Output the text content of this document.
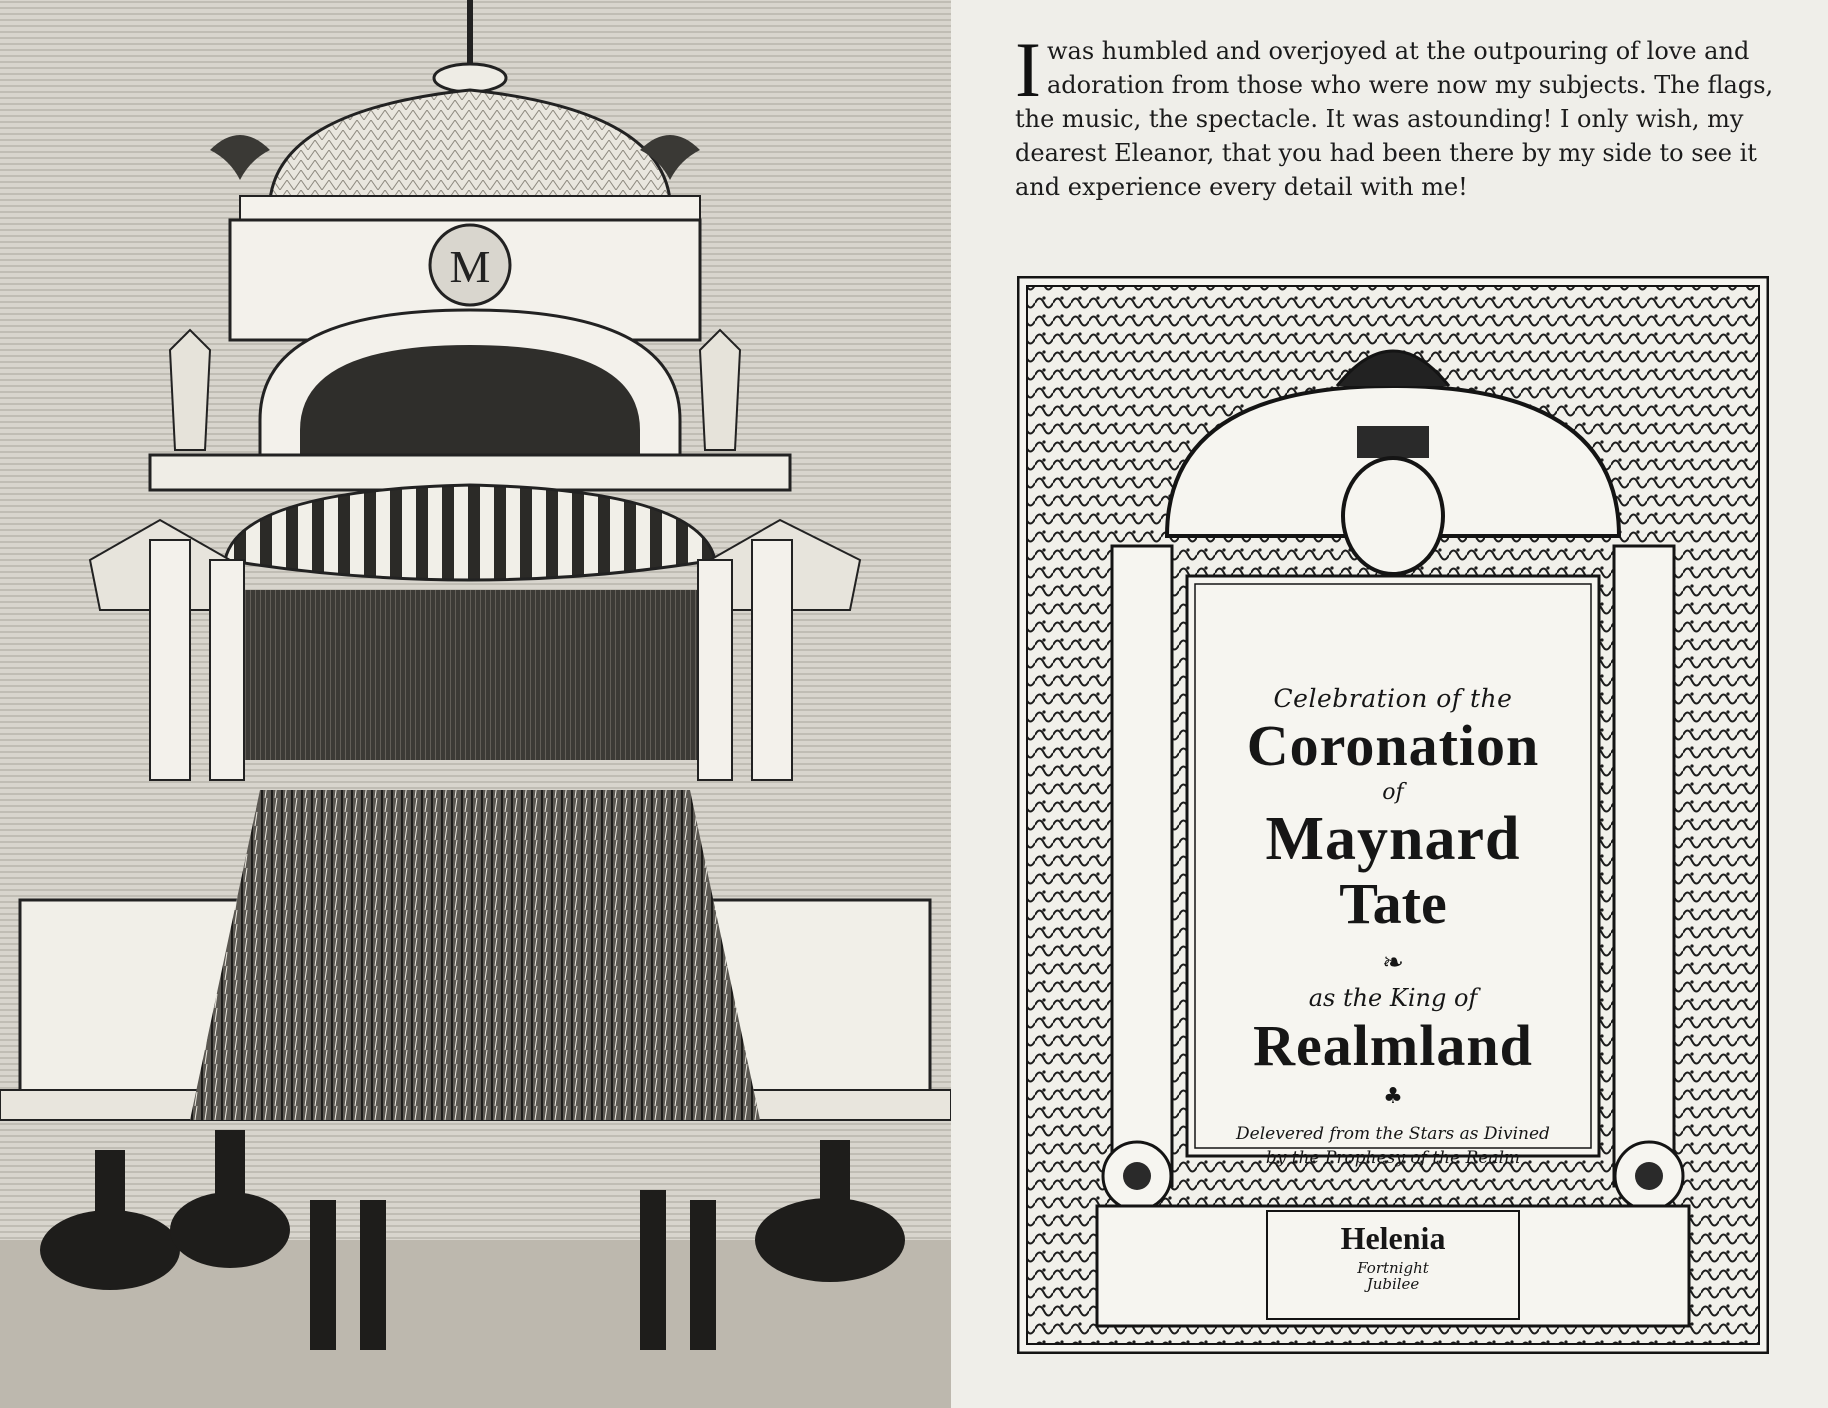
M
I was humbled and overjoyed at the outpouring of love and adoration from those who were now my subjects. The flags, the music, the spectacle. It was astounding! I only wish, my dearest Eleanor, that you had been there by my side to see it and experience every detail with me!
Celebration of the
Coronation
of
Maynard
Tate
❧
as the King of
Realmland
♣
Delevered from the Stars as Divined
by the Prophesy of the Realm
Helenia
Fortnight
Jubilee
